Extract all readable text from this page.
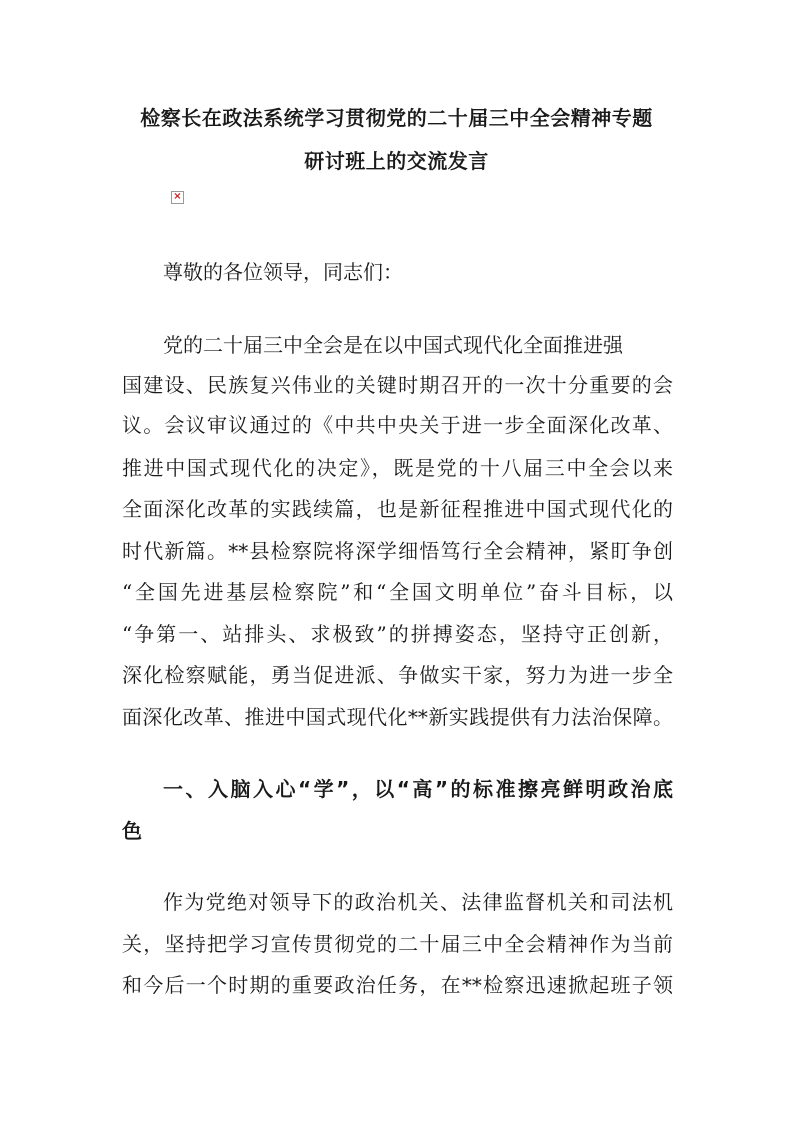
检察长在政法系统学习贯彻党的二十届三中全会精神专题
研讨班上的交流发言
×
尊敬的各位领导，同志们：
党的二十届三中全会是在以中国式现代化全面推进强
国建设、民族复兴伟业的关键时期召开的一次十分重要的会
议。会议审议通过的《中共中央关于进一步全面深化改革、
推进中国式现代化的决定》，既是党的十八届三中全会以来
全面深化改革的实践续篇，也是新征程推进中国式现代化的
时代新篇。**县检察院将深学细悟笃行全会精神，紧盯争创
“全国先进基层检察院”和“全国文明单位”奋斗目标，以
“争第一、站排头、求极致”的拼搏姿态，坚持守正创新，
深化检察赋能，勇当促进派、争做实干家，努力为进一步全
面深化改革、推进中国式现代化**新实践提供有力法治保障。
一、入脑入心“学”，以“高”的标准擦亮鲜明政治底
色
作为党绝对领导下的政治机关、法律监督机关和司法机
关，坚持把学习宣传贯彻党的二十届三中全会精神作为当前
和今后一个时期的重要政治任务，在**检察迅速掀起班子领
